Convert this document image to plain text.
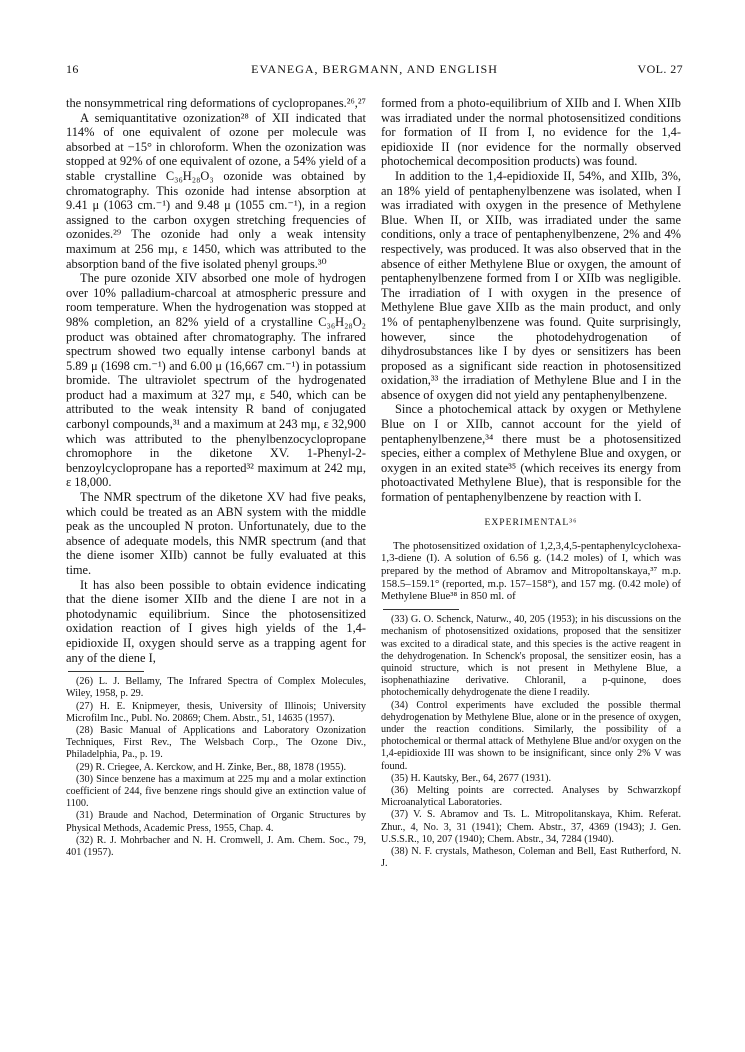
16	EVANEGA, BERGMANN, AND ENGLISH	VOL. 27

the nonsymmetrical ring deformations of cyclopropanes.²⁶,²⁷

A semiquantitative ozonization²⁸ of XII indicated that 114% of one equivalent of ozone per molecule was absorbed at −15° in chloroform. When the ozonization was stopped at 92% of one equivalent of ozone, a 54% yield of a stable crystalline C₃₆H₂₈O₃ ozonide was obtained by chromatography. This ozonide had intense absorption at 9.41 μ (1063 cm.⁻¹) and 9.48 μ (1055 cm.⁻¹), in a region assigned to the carbon oxygen stretching frequencies of ozonides.²⁹ The ozonide had only a weak intensity maximum at 256 mμ, ε 1450, which was attributed to the absorption band of the five isolated phenyl groups.³⁰

The pure ozonide XIV absorbed one mole of hydrogen over 10% palladium-charcoal at atmospheric pressure and room temperature. When the hydrogenation was stopped at 98% completion, an 82% yield of a crystalline C₃₆H₂₈O₂ product was obtained after chromatography. The infrared spectrum showed two equally intense carbonyl bands at 5.89 μ (1698 cm.⁻¹) and 6.00 μ (16,667 cm.⁻¹) in potassium bromide. The ultraviolet spectrum of the hydrogenated product had a maximum at 327 mμ, ε 540, which can be attributed to the weak intensity R band of conjugated carbonyl compounds,³¹ and a maximum at 243 mμ, ε 32,900 which was attributed to the phenylbenzocyclopropane chromophore in the diketone XV. 1-Phenyl-2-benzoylcyclopropane has a reported³² maximum at 242 mμ, ε 18,000.

The NMR spectrum of the diketone XV had five peaks, which could be treated as an ABN system with the middle peak as the uncoupled N proton. Unfortunately, due to the absence of adequate models, this NMR spectrum (and that the diene isomer XIIb) cannot be fully evaluated at this time.

It has also been possible to obtain evidence indicating that the diene isomer XIIb and the diene I are not in a photodynamic equilibrium. Since the photosensitized oxidation reaction of I gives high yields of the 1,4-epidioxide II, oxygen should serve as a trapping agent for any of the diene I,

(26) L. J. Bellamy, The Infrared Spectra of Complex Molecules, Wiley, 1958, p. 29.

(27) H. E. Knipmeyer, thesis, University of Illinois; University Microfilm Inc., Publ. No. 20869; Chem. Abstr., 51, 14635 (1957).

(28) Basic Manual of Applications and Laboratory Ozonization Techniques, First Rev., The Welsbach Corp., The Ozone Div., Philadelphia, Pa., p. 19.

(29) R. Criegee, A. Kerckow, and H. Zinke, Ber., 88, 1878 (1955).

(30) Since benzene has a maximum at 225 mμ and a molar extinction coefficient of 244, five benzene rings should give an extinction value of 1100.

(31) Braude and Nachod, Determination of Organic Structures by Physical Methods, Academic Press, 1955, Chap. 4.

(32) R. J. Mohrbacher and N. H. Cromwell, J. Am. Chem. Soc., 79, 401 (1957).

formed from a photo-equilibrium of XIIb and I. When XIIb was irradiated under the normal photosensitized conditions for formation of II from I, no evidence for the 1,4-epidioxide II (nor evidence for the normally observed photochemical decomposition products) was found.

In addition to the 1,4-epidioxide II, 54%, and XIIb, 3%, an 18% yield of pentaphenylbenzene was isolated, when I was irradiated with oxygen in the presence of Methylene Blue. When II, or XIIb, was irradiated under the same conditions, only a trace of pentaphenylbenzene, 2% and 4% respectively, was produced. It was also observed that in the absence of either Methylene Blue or oxygen, the amount of pentaphenylbenzene formed from I or XIIb was negligible. The irradiation of I with oxygen in the presence of Methylene Blue gave XIIb as the main product, and only 1% of pentaphenylbenzene was found. Quite surprisingly, however, since the photodehydrogenation of dihydrosubstances like I by dyes or sensitizers has been proposed as a significant side reaction in photosensitized oxidation,³³ the irradiation of Methylene Blue and I in the absence of oxygen did not yield any pentaphenylbenzene.

Since a photochemical attack by oxygen or Methylene Blue on I or XIIb, cannot account for the yield of pentaphenylbenzene,³⁴ there must be a photosensitized species, either a complex of Methylene Blue and oxygen, or oxygen in an exited state³⁵ (which receives its energy from photoactivated Methylene Blue), that is responsible for the formation of pentaphenylbenzene by reaction with I.

EXPERIMENTAL³⁶

The photosensitized oxidation of 1,2,3,4,5-pentaphenylcyclohexa-1,3-diene (I). A solution of 6.56 g. (14.2 moles) of I, which was prepared by the method of Abramov and Mitropoltanskaya,³⁷ m.p. 158.5–159.1° (reported, m.p. 157–158°), and 157 mg. (0.42 mole) of Methylene Blue³⁸ in 850 ml. of

(33) G. O. Schenck, Naturw., 40, 205 (1953); in his discussions on the mechanism of photosensitized oxidations, proposed that the sensitizer was excited to a diradical state, and this species is the active reagent in the dehydrogenation. In Schenck's proposal, the sensitizer eosin, has a quinoid structure, which is not present in Methylene Blue, a isophenathiazine derivative. Chloranil, a p-quinone, does photochemically dehydrogenate the diene I readily.

(34) Control experiments have excluded the possible thermal dehydrogenation by Methylene Blue, alone or in the presence of oxygen, under the reaction conditions. Similarly, the possibility of a photochemical or thermal attack of Methylene Blue and/or oxygen on the 1,4-epidioxide III was shown to be insignificant, since only 2% V was found.

(35) H. Kautsky, Ber., 64, 2677 (1931).

(36) Melting points are corrected. Analyses by Schwarzkopf Microanalytical Laboratories.

(37) V. S. Abramov and Ts. L. Mitropolitanskaya, Khim. Referat. Zhur., 4, No. 3, 31 (1941); Chem. Abstr., 37, 4369 (1943); J. Gen. U.S.S.R., 10, 207 (1940); Chem. Abstr., 34, 7284 (1940).

(38) N. F. crystals, Matheson, Coleman and Bell, East Rutherford, N. J.
